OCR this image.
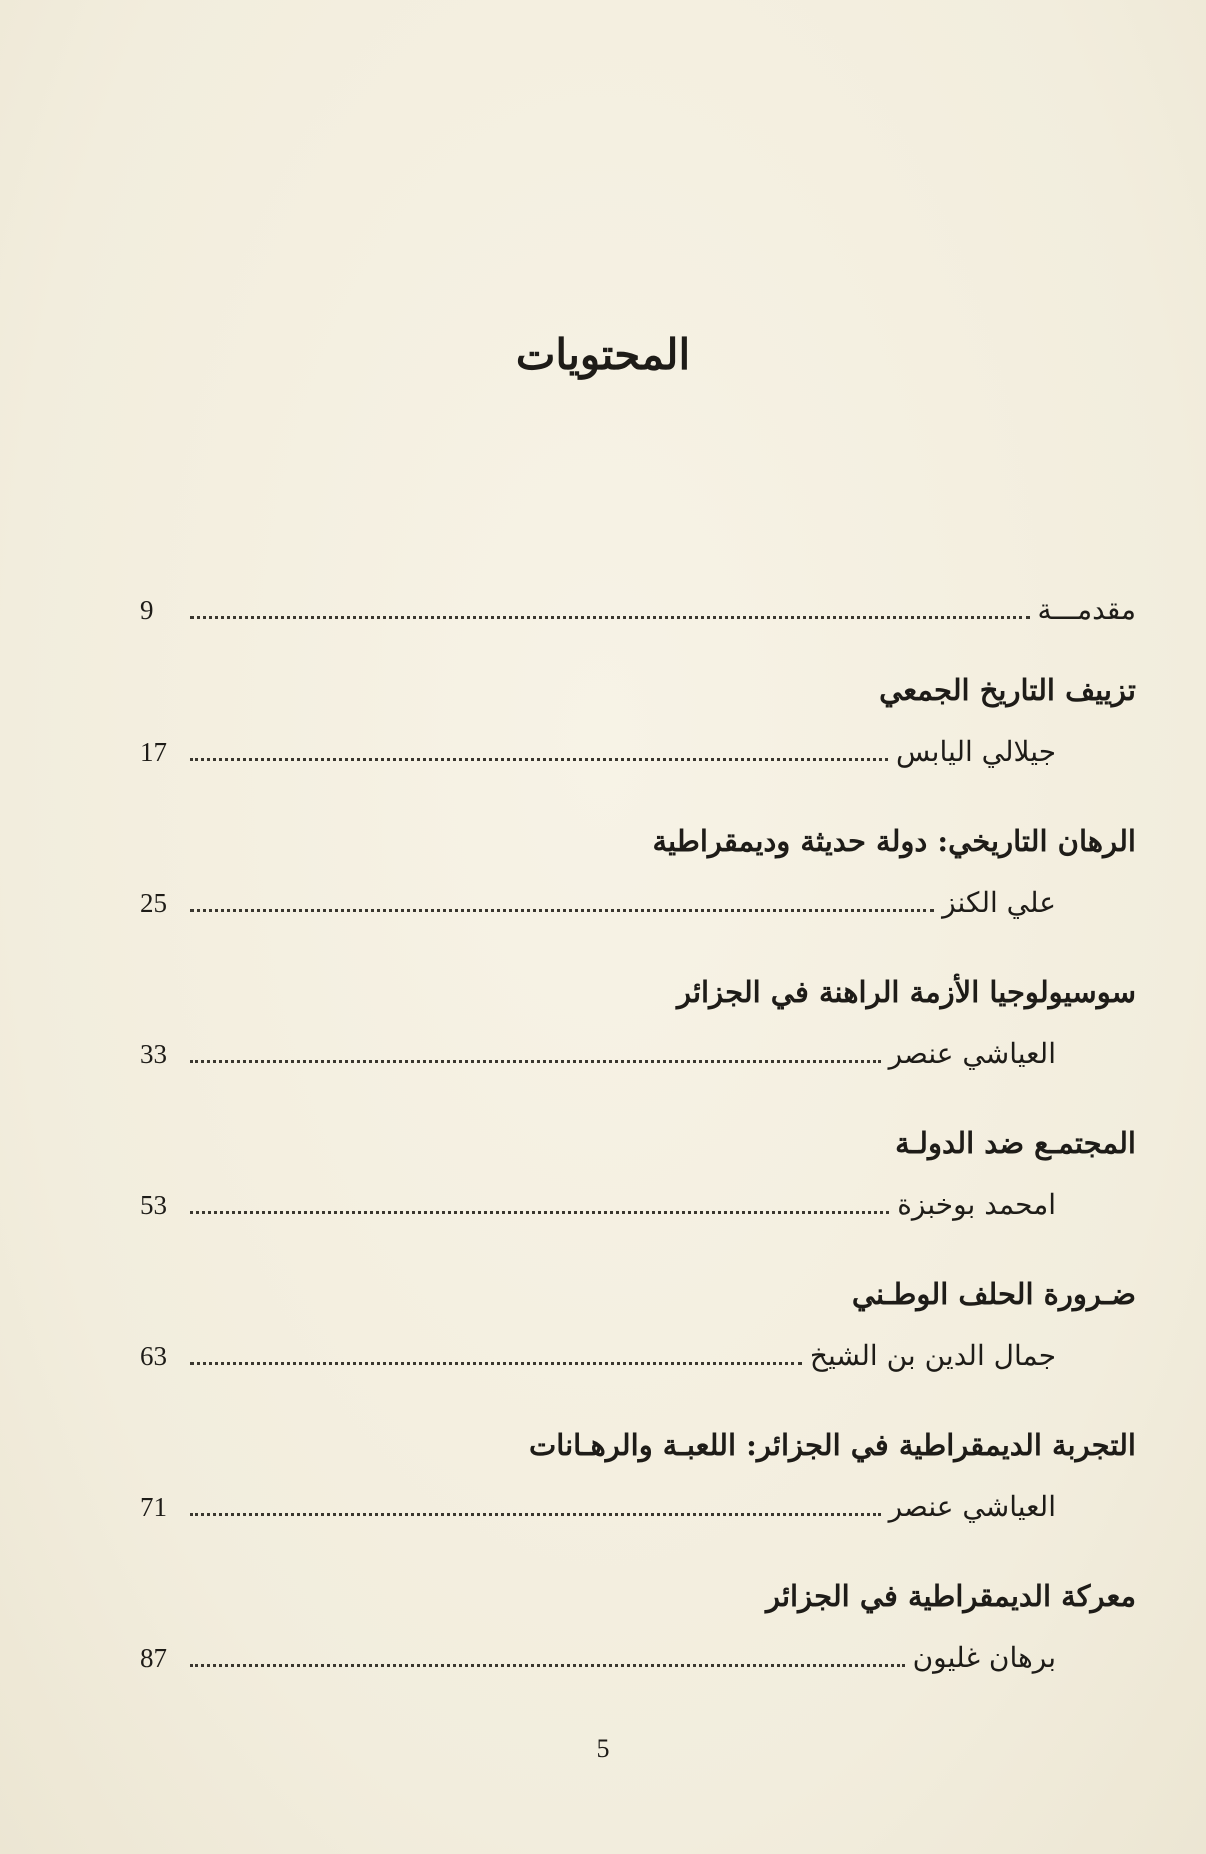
المحتويات
مقدمـــة
9
تزييف التاريخ الجمعي
جيلالي اليابس
17
الرهان التاريخي: دولة حديثة وديمقراطية
علي الكنز
25
سوسيولوجيا الأزمة الراهنة في الجزائر
العياشي عنصر
33
المجتمـع ضد الدولـة
امحمد بوخبزة
53
ضـرورة الحلف الوطـني
جمال الدين بن الشيخ
63
التجربة الديمقراطية في الجزائر: اللعبـة والرهـانات
العياشي عنصر
71
معركة الديمقراطية في الجزائر
برهان غليون
87
5
